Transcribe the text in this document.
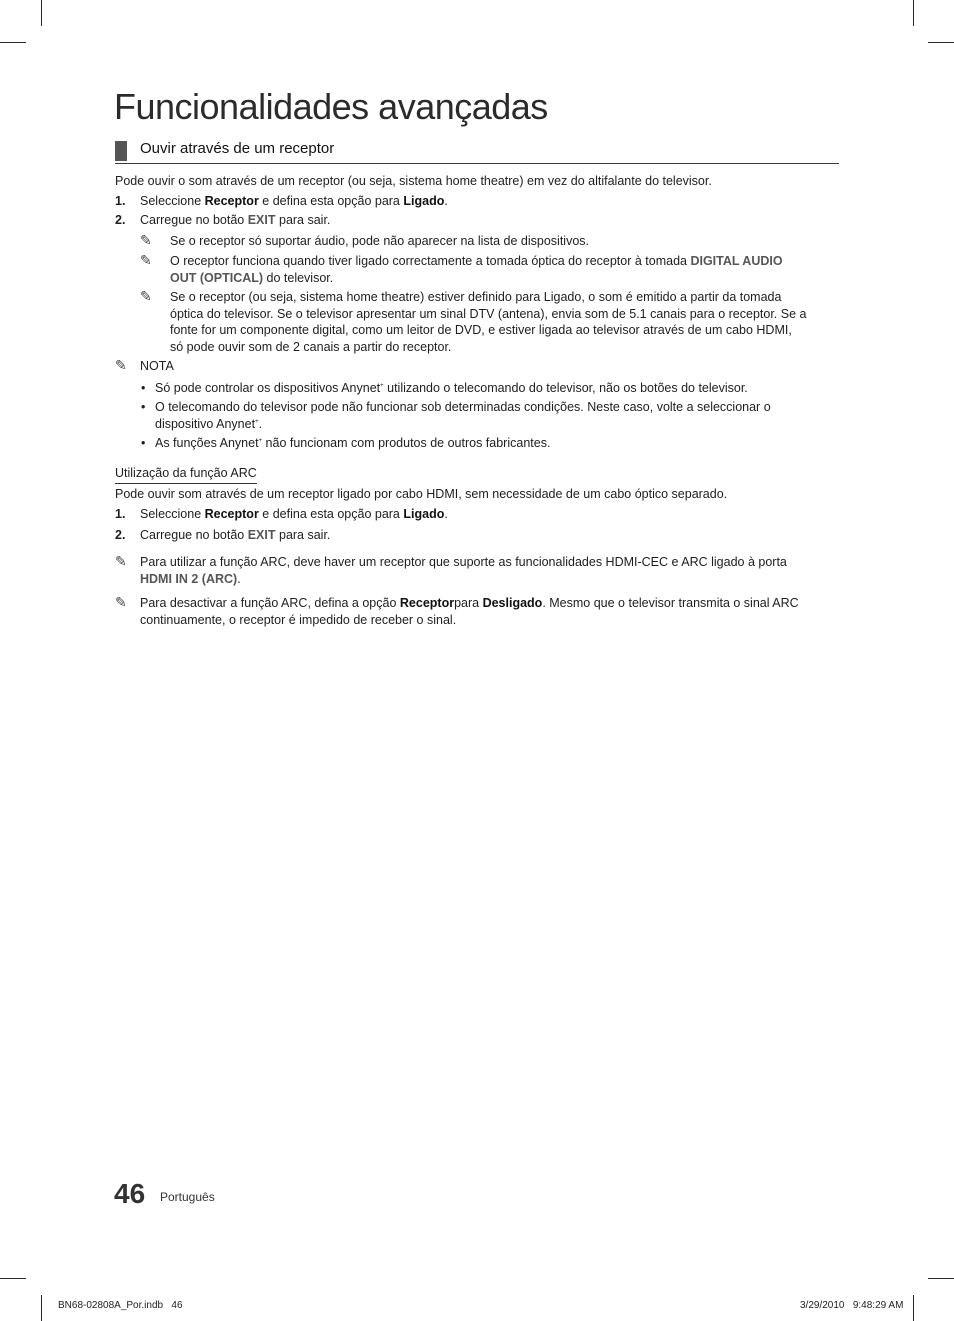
Funcionalidades avançadas
Ouvir através de um receptor
Pode ouvir o som através de um receptor (ou seja, sistema home theatre) em vez do altifalante do televisor.
1. Seleccione Receptor e defina esta opção para Ligado.
2. Carregue no botão EXIT para sair.
✎ Se o receptor só suportar áudio, pode não aparecer na lista de dispositivos.
✎ O receptor funciona quando tiver ligado correctamente a tomada óptica do receptor à tomada DIGITAL AUDIO
OUT (OPTICAL) do televisor.
✎ Se o receptor (ou seja, sistema home theatre) estiver definido para Ligado, o som é emitido a partir da tomada
óptica do televisor. Se o televisor apresentar um sinal DTV (antena), envia som de 5.1 canais para o receptor. Se a
fonte for um componente digital, como um leitor de DVD, e estiver ligada ao televisor através de um cabo HDMI,
só pode ouvir som de 2 canais a partir do receptor.
✎ NOTA
• Só pode controlar os dispositivos Anynet+ utilizando o telecomando do televisor, não os botões do televisor.
• O telecomando do televisor pode não funcionar sob determinadas condições. Neste caso, volte a seleccionar o
dispositivo Anynet+.
• As funções Anynet+ não funcionam com produtos de outros fabricantes.
Utilização da função ARC
Pode ouvir som através de um receptor ligado por cabo HDMI, sem necessidade de um cabo óptico separado.
1. Seleccione Receptor e defina esta opção para Ligado.
2. Carregue no botão EXIT para sair.
✎ Para utilizar a função ARC, deve haver um receptor que suporte as funcionalidades HDMI-CEC e ARC ligado à porta
HDMI IN 2 (ARC).
✎ Para desactivar a função ARC, defina a opção Receptorpara Desligado. Mesmo que o televisor transmita o sinal ARC
continuamente, o receptor é impedido de receber o sinal.
46 Português
BN68-02808A_Por.indb   46	3/29/2010   9:48:29 AM
